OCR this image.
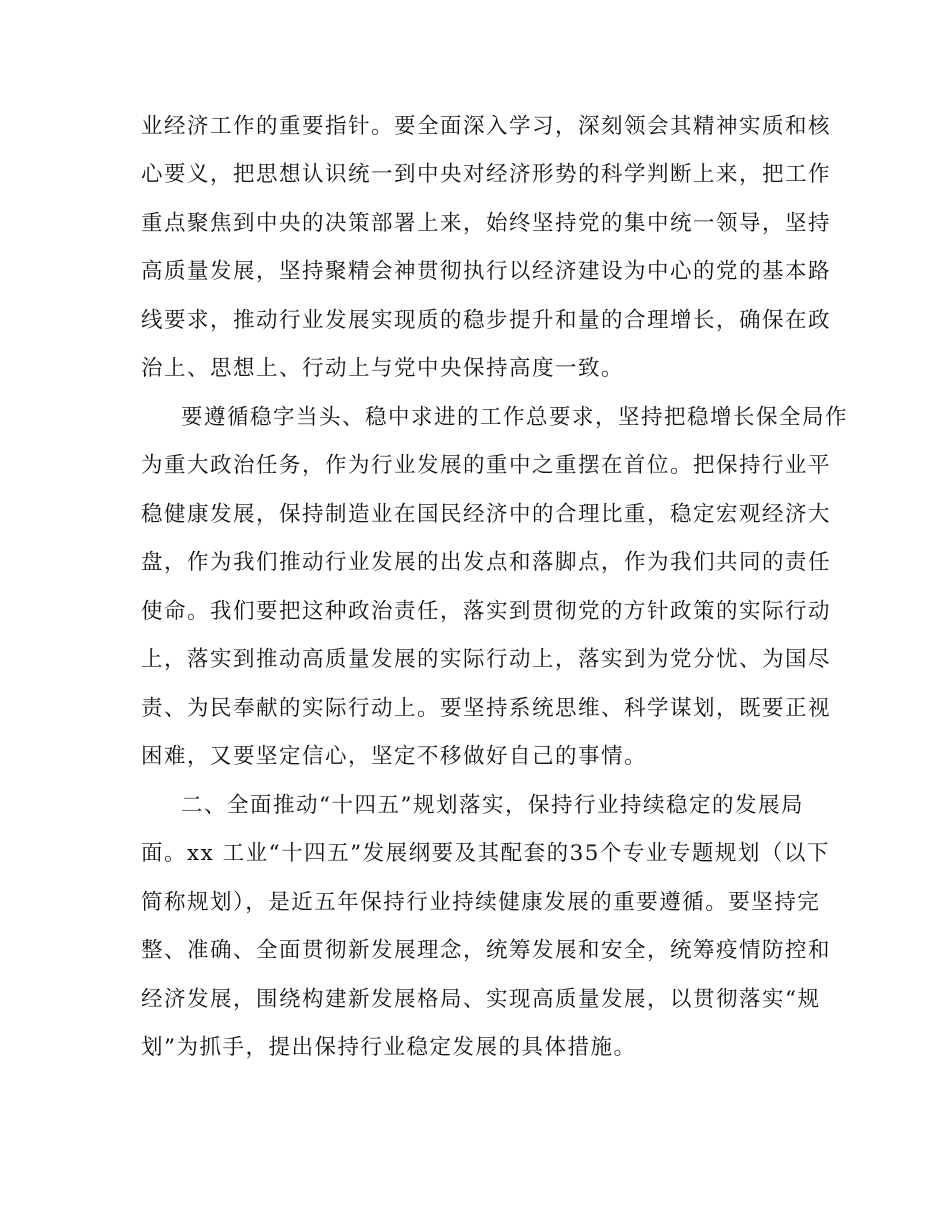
业经济工作的重要指针。要全面深入学习，深刻领会其精神实质和核
心要义，把思想认识统一到中央对经济形势的科学判断上来，把工作
重点聚焦到中央的决策部署上来，始终坚持党的集中统一领导，坚持
高质量发展，坚持聚精会神贯彻执行以经济建设为中心的党的基本路
线要求，推动行业发展实现质的稳步提升和量的合理增长，确保在政
治上、思想上、行动上与党中央保持高度一致。
要遵循稳字当头、稳中求进的工作总要求，坚持把稳增长保全局作
为重大政治任务，作为行业发展的重中之重摆在首位。把保持行业平
稳健康发展，保持制造业在国民经济中的合理比重，稳定宏观经济大
盘，作为我们推动行业发展的出发点和落脚点，作为我们共同的责任
使命。我们要把这种政治责任，落实到贯彻党的方针政策的实际行动
上，落实到推动高质量发展的实际行动上，落实到为党分忧、为国尽
责、为民奉献的实际行动上。要坚持系统思维、科学谋划，既要正视
困难，又要坚定信心，坚定不移做好自己的事情。
二、全面推动“十四五”规划落实，保持行业持续稳定的发展局
面。xx 工业“十四五”发展纲要及其配套的35个专业专题规划（以下
简称规划），是近五年保持行业持续健康发展的重要遵循。要坚持完
整、准确、全面贯彻新发展理念，统筹发展和安全，统筹疫情防控和
经济发展，围绕构建新发展格局、实现高质量发展，以贯彻落实“规
划”为抓手，提出保持行业稳定发展的具体措施。
